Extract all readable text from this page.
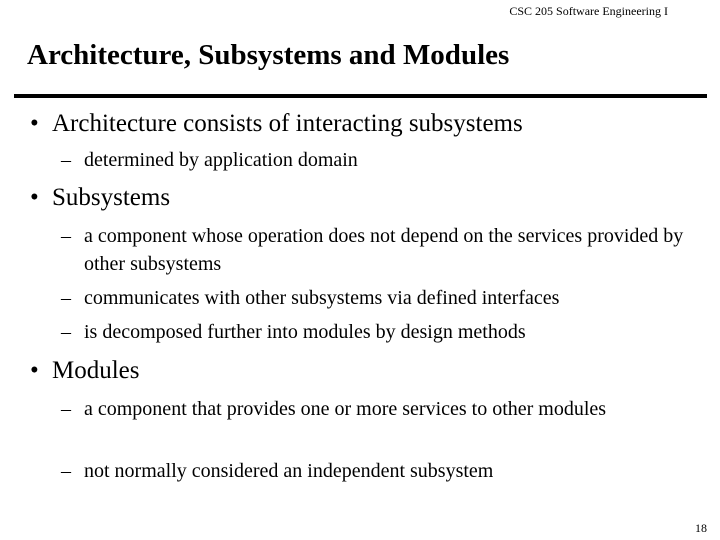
CSC 205 Software Engineering I
Architecture, Subsystems and Modules
• Architecture consists of interacting subsystems
– determined by application domain
• Subsystems
– a component whose operation does not depend on the services provided by other subsystems
– communicates with other subsystems via defined interfaces
– is decomposed further into modules by design methods
• Modules
– a component that provides one or more services to other modules
– not normally considered an independent subsystem
18
